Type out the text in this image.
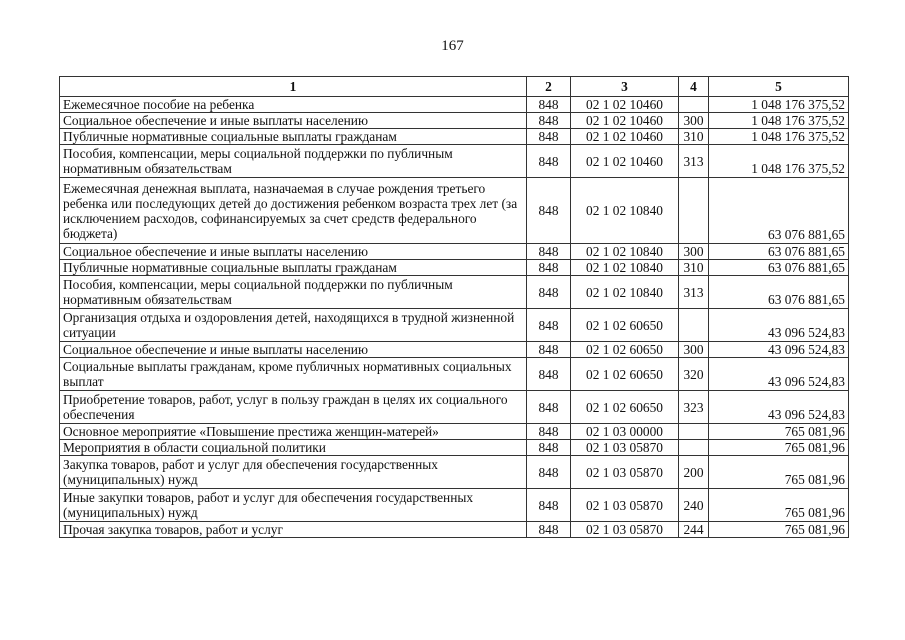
167
1	2	3	4	5
Ежемесячное пособие на ребенка	848	02 1 02 10460		1 048 176 375,52
Социальное обеспечение и иные выплаты населению	848	02 1 02 10460	300	1 048 176 375,52
Публичные нормативные социальные выплаты гражданам	848	02 1 02 10460	310	1 048 176 375,52
Пособия, компенсации, меры социальной поддержки по публичным нормативным обязательствам	848	02 1 02 10460	313	1 048 176 375,52
Ежемесячная денежная выплата, назначаемая в случае рождения третьего ребенка или последующих детей до достижения ребенком возраста трех лет (за исключением расходов, софинансируемых за счет средств федерального бюджета)	848	02 1 02 10840		63 076 881,65
Социальное обеспечение и иные выплаты населению	848	02 1 02 10840	300	63 076 881,65
Публичные нормативные социальные выплаты гражданам	848	02 1 02 10840	310	63 076 881,65
Пособия, компенсации, меры социальной поддержки по публичным нормативным обязательствам	848	02 1 02 10840	313	63 076 881,65
Организация отдыха и оздоровления детей, находящихся в трудной жизненной ситуации	848	02 1 02 60650		43 096 524,83
Социальное обеспечение и иные выплаты населению	848	02 1 02 60650	300	43 096 524,83
Социальные выплаты гражданам, кроме публичных нормативных социальных выплат	848	02 1 02 60650	320	43 096 524,83
Приобретение товаров, работ, услуг в пользу граждан в целях их социального обеспечения	848	02 1 02 60650	323	43 096 524,83
Основное мероприятие «Повышение престижа женщин-матерей»	848	02 1 03 00000		765 081,96
Мероприятия в области социальной политики	848	02 1 03 05870		765 081,96
Закупка товаров, работ и услуг для обеспечения государственных (муниципальных) нужд	848	02 1 03 05870	200	765 081,96
Иные закупки товаров, работ и услуг для обеспечения государственных (муниципальных) нужд	848	02 1 03 05870	240	765 081,96
Прочая закупка товаров, работ и услуг	848	02 1 03 05870	244	765 081,96
